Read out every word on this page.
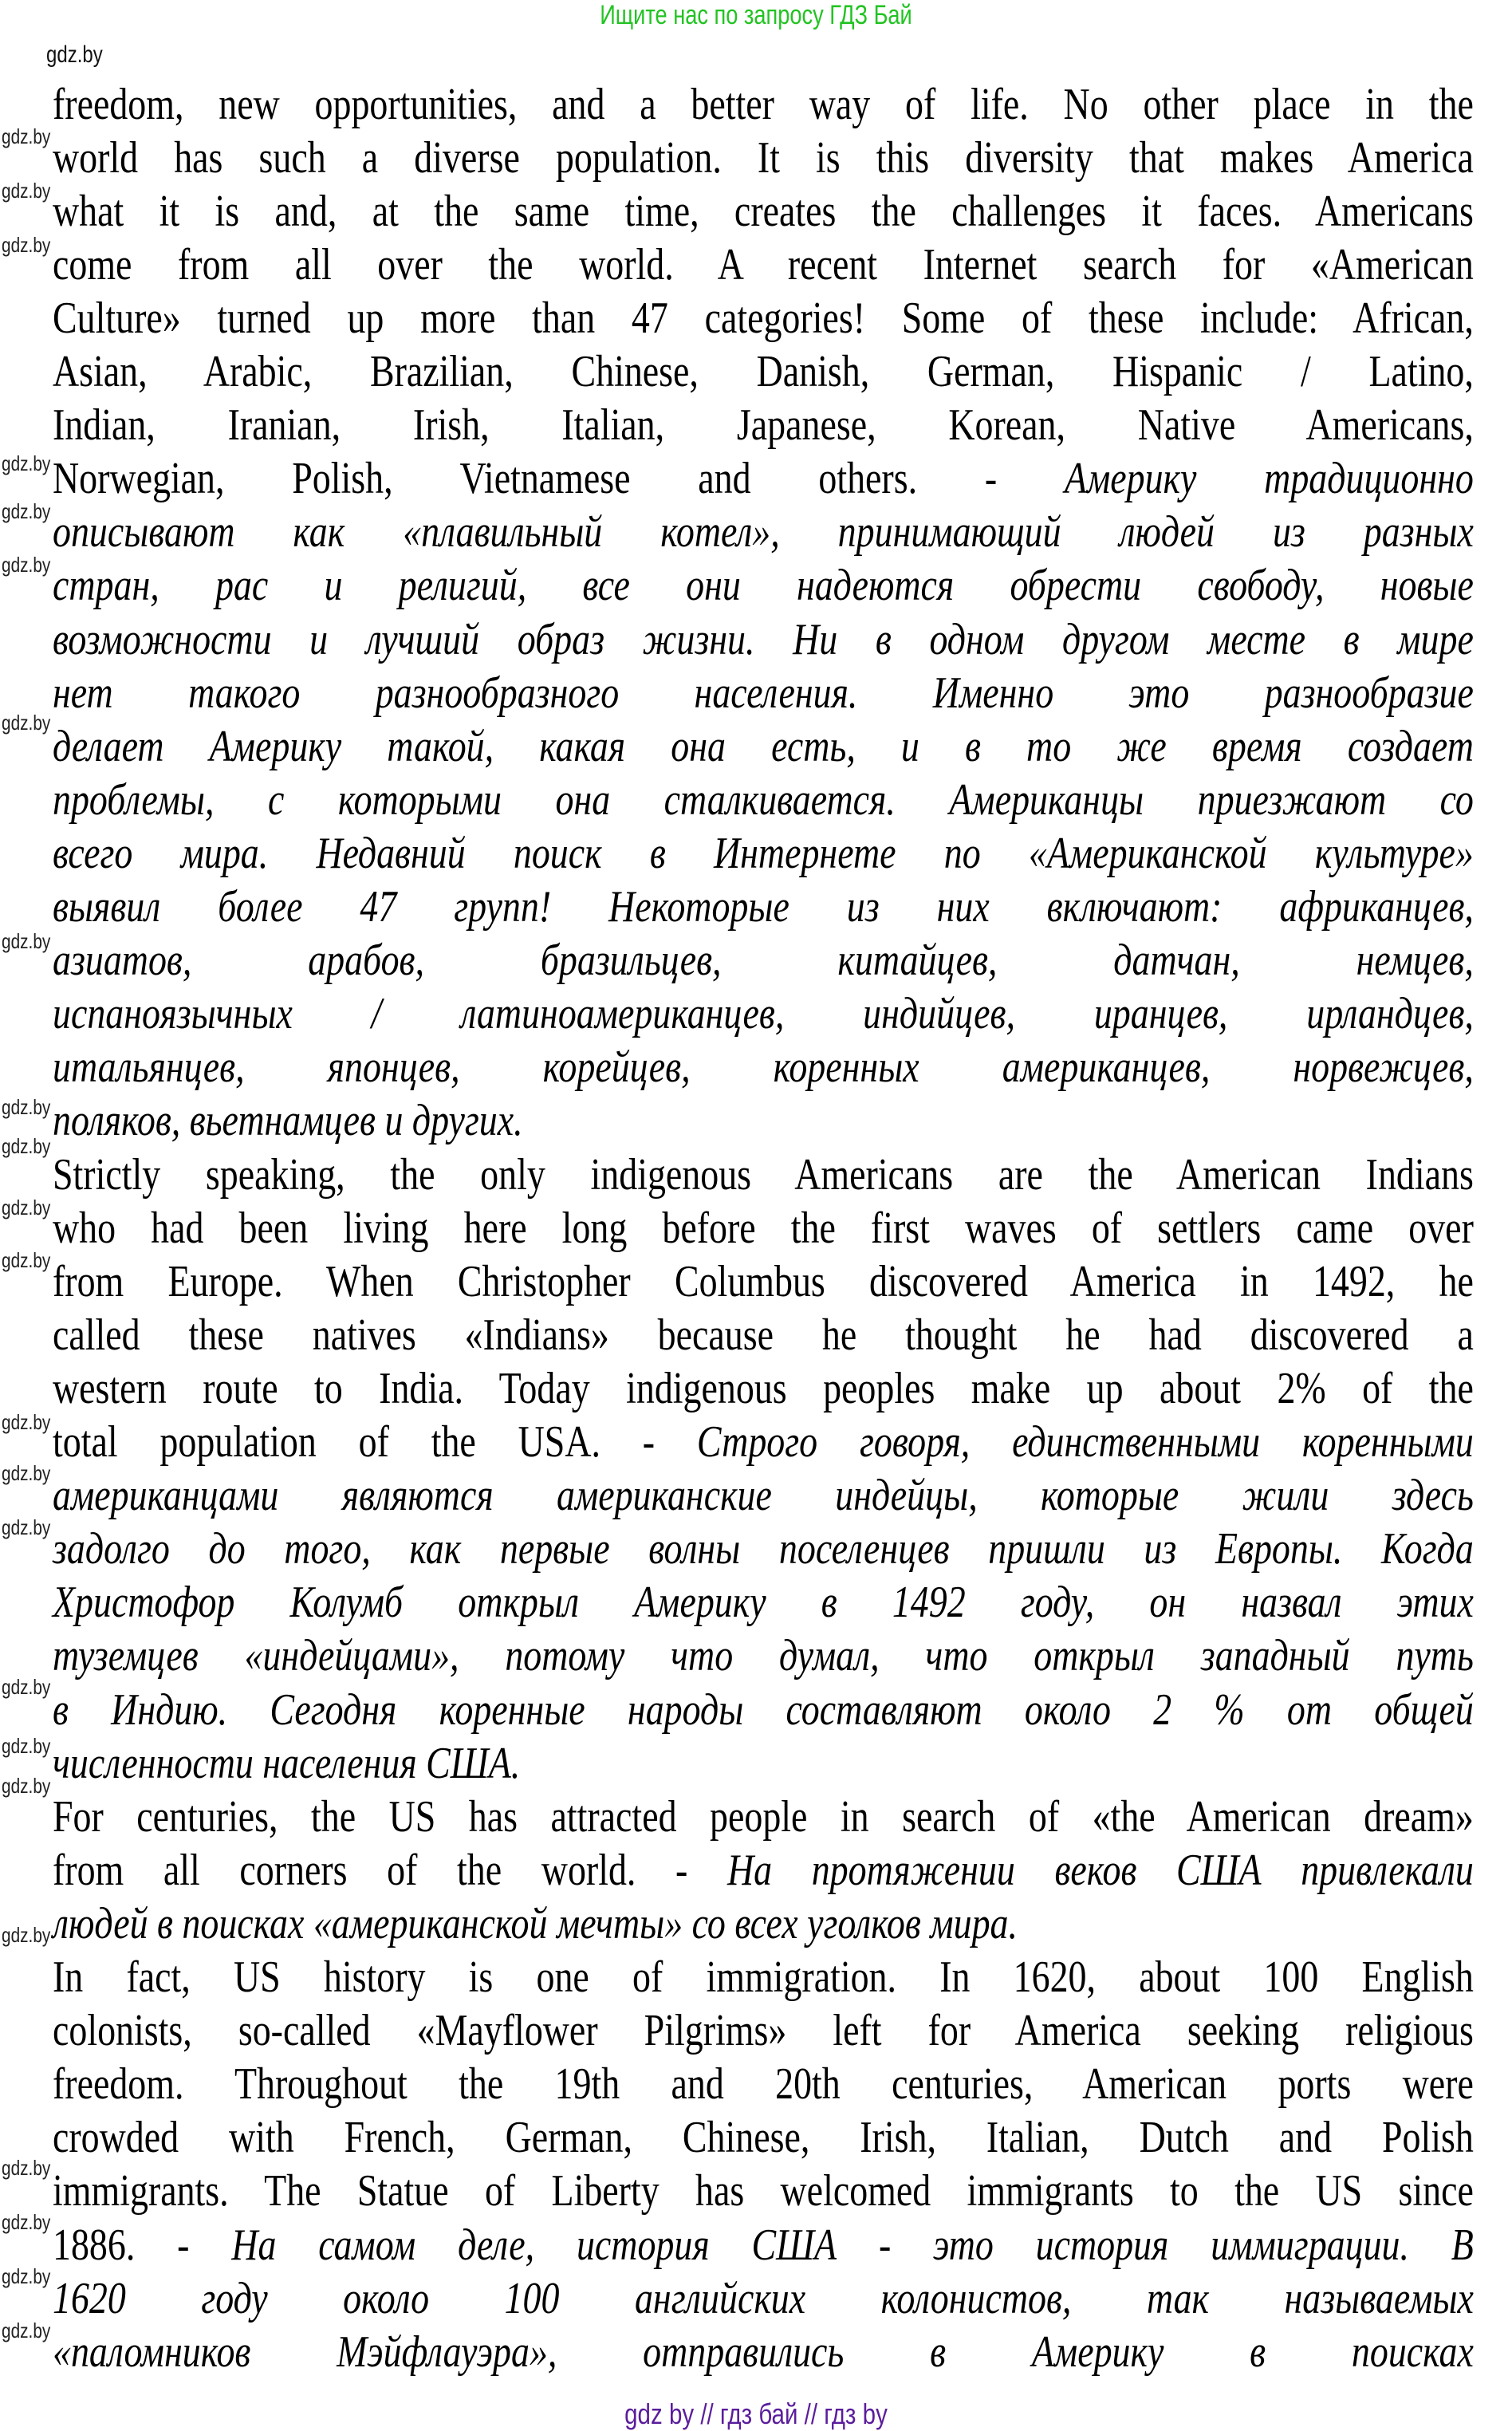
Ищите нас по запросу ГДЗ Бай
gdz.by
freedom, new opportunities, and a better way of life. No other place in the
world has such a diverse population. It is this diversity that makes America
what it is and, at the same time, creates the challenges it faces. Americans
come from all over the world. A recent Internet search for «American
Culture» turned up more than 47 categories! Some of these include: African,
Asian, Arabic, Brazilian, Chinese, Danish, German, Hispanic / Latino,
Indian, Iranian, Irish, Italian, Japanese, Korean, Native Americans,
Norwegian, Polish, Vietnamese and others. - Америку традиционно
описывают как «плавильный котел», принимающий людей из разных
стран, рас и религий, все они надеются обрести свободу, новые
возможности и лучший образ жизни. Ни в одном другом месте в мире
нет такого разнообразного населения. Именно это разнообразие
делает Америку такой, какая она есть, и в то же время создает
проблемы, с которыми она сталкивается. Американцы приезжают со
всего мира. Недавний поиск в Интернете по «Американской культуре»
выявил более 47 групп! Некоторые из них включают: африканцев,
азиатов, арабов, бразильцев, китайцев, датчан, немцев,
испаноязычных / латиноамериканцев, индийцев, иранцев, ирландцев,
итальянцев, японцев, корейцев, коренных американцев, норвежцев,
поляков, вьетнамцев и других.
Strictly speaking, the only indigenous Americans are the American Indians
who had been living here long before the first waves of settlers came over
from Europe. When Christopher Columbus discovered America in 1492, he
called these natives «Indians» because he thought he had discovered a
western route to India. Today indigenous peoples make up about 2% of the
total population of the USA. - Строго говоря, единственными коренными
американцами являются американские индейцы, которые жили здесь
задолго до того, как первые волны поселенцев пришли из Европы. Когда
Христофор Колумб открыл Америку в 1492 году, он назвал этих
туземцев «индейцами», потому что думал, что открыл западный путь
в Индию. Сегодня коренные народы составляют около 2 % от общей
численности населения США.
For centuries, the US has attracted people in search of «the American dream»
from all corners of the world. - На протяжении веков США привлекали
людей в поисках «американской мечты» со всех уголков мира.
In fact, US history is one of immigration. In 1620, about 100 English
colonists, so-called «Mayflower Pilgrims» left for America seeking religious
freedom. Throughout the 19th and 20th centuries, American ports were
crowded with French, German, Chinese, Irish, Italian, Dutch and Polish
immigrants. The Statue of Liberty has welcomed immigrants to the US since
1886. - На самом деле, история США - это история иммиграции. В
1620 году около 100 английских колонистов, так называемых
«паломников Мэйфлауэра», отправились в Америку в поисках
gdz.by
gdz.by
gdz.by
gdz.by
gdz.by
gdz.by
gdz.by
gdz.by
gdz.by
gdz.by
gdz.by
gdz.by
gdz.by
gdz.by
gdz.by
gdz.by
gdz.by
gdz.by
gdz.by
gdz.by
gdz.by
gdz.by
gdz.by
gdz by // гдз бай // гдз by
